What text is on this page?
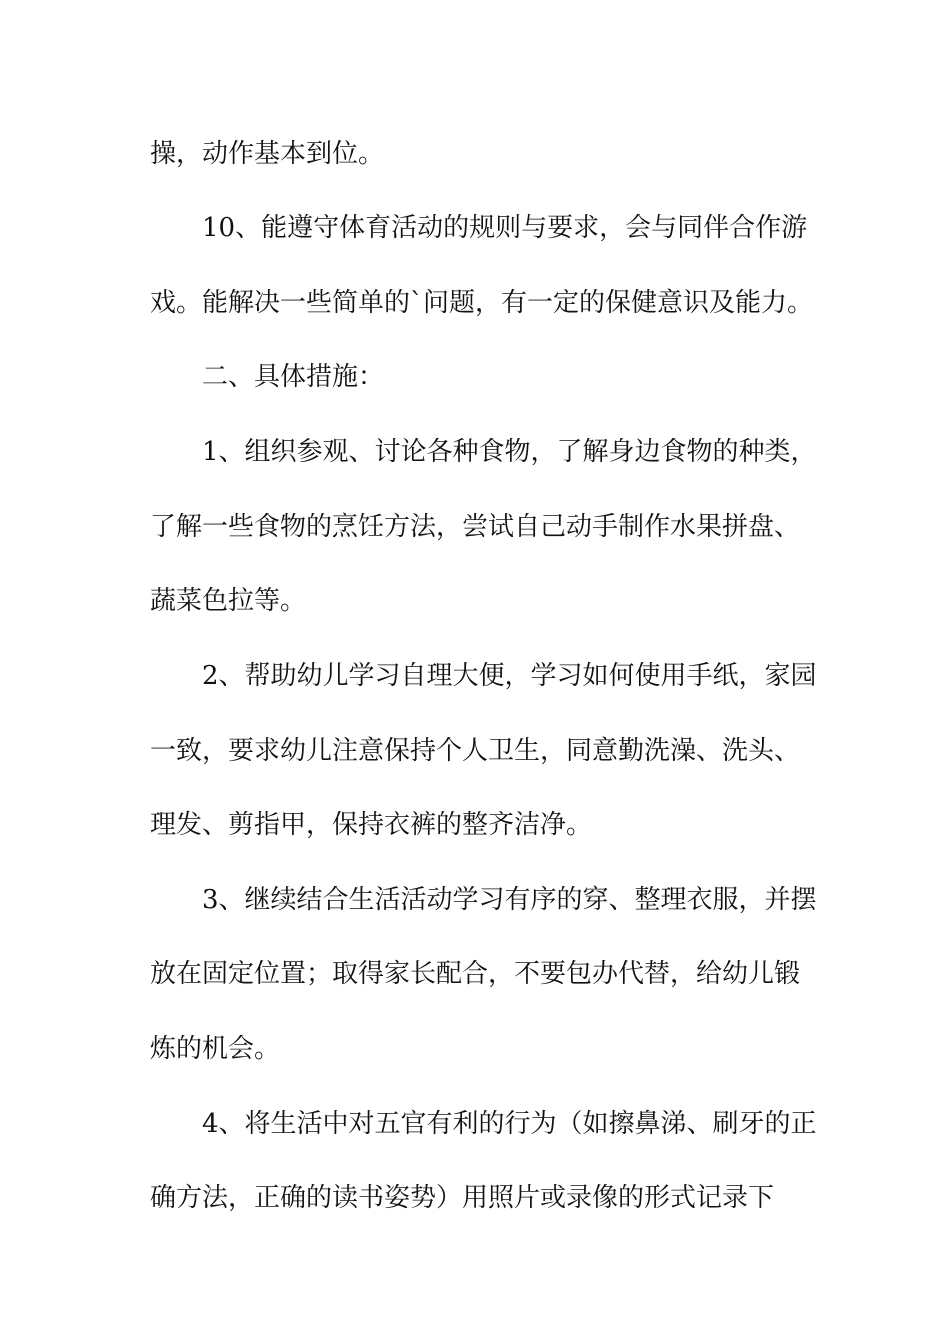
操，动作基本到位。
10、能遵守体育活动的规则与要求，会与同伴合作游
戏。能解决一些简单的`问题，有一定的保健意识及能力。
二、具体措施：
1、组织参观、讨论各种食物，了解身边食物的种类，
了解一些食物的烹饪方法，尝试自己动手制作水果拼盘、
蔬菜色拉等。
2、帮助幼儿学习自理大便，学习如何使用手纸，家园
一致，要求幼儿注意保持个人卫生，同意勤洗澡、洗头、
理发、剪指甲，保持衣裤的整齐洁净。
3、继续结合生活活动学习有序的穿、整理衣服，并摆
放在固定位置；取得家长配合，不要包办代替，给幼儿锻
炼的机会。
4、将生活中对五官有利的行为（如擦鼻涕、刷牙的正
确方法，正确的读书姿势）用照片或录像的形式记录下
